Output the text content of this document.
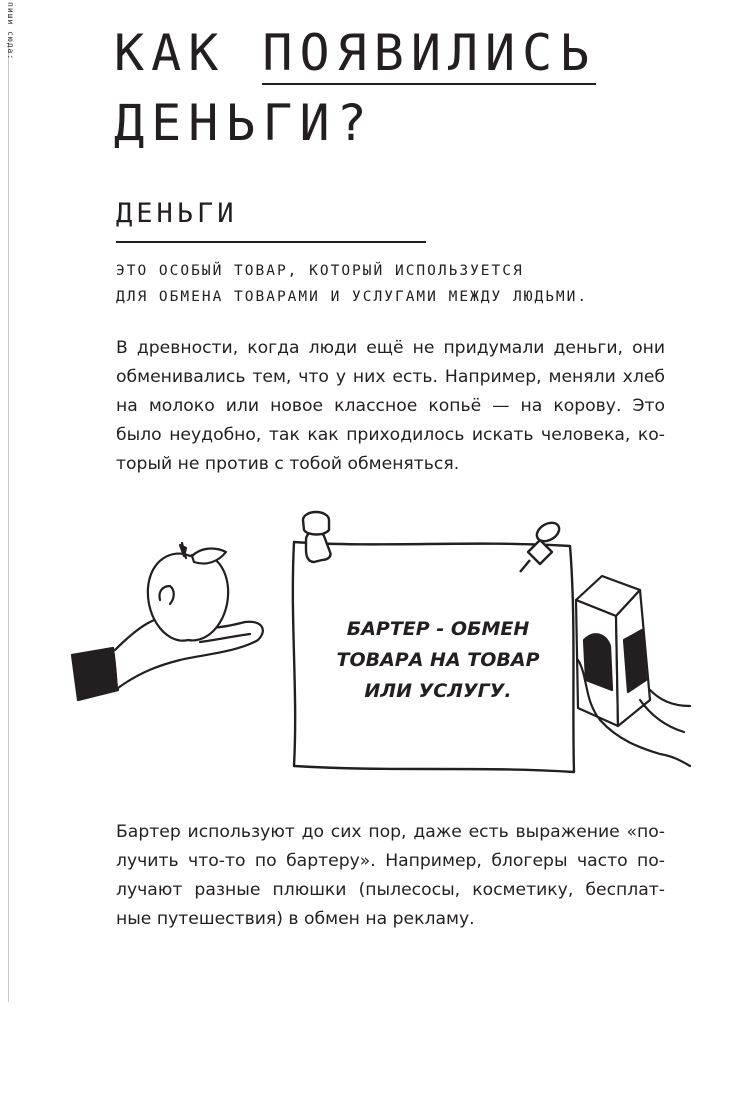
пиши сюда: КАК ПОЯВИЛИСЬ
ДЕНЬГИ?
ДЕНЬГИ
ЭТО ОСОБЫЙ ТОВАР, КОТОРЫЙ ИСПОЛЬЗУЕТСЯ
ДЛЯ ОБМЕНА ТОВАРАМИ И УСЛУГАМИ МЕЖДУ ЛЮДЬМИ.
В древности, когда люди ещё не придумали деньги, они
обменивались тем, что у них есть. Например, меняли хлеб
на молоко или новое классное копьё — на корову. Это
было неудобно, так как приходилось искать человека, ко-
торый не против с тобой обменяться.
БАРТЕР - ОБМЕН
ТОВАРА НА ТОВАР
ИЛИ УСЛУГУ.
Бартер используют до сих пор, даже есть выражение «по-
лучить что-то по бартеру». Например, блогеры часто по-
лучают разные плюшки (пылесосы, косметику, бесплат-
ные путешествия) в обмен на рекламу.
